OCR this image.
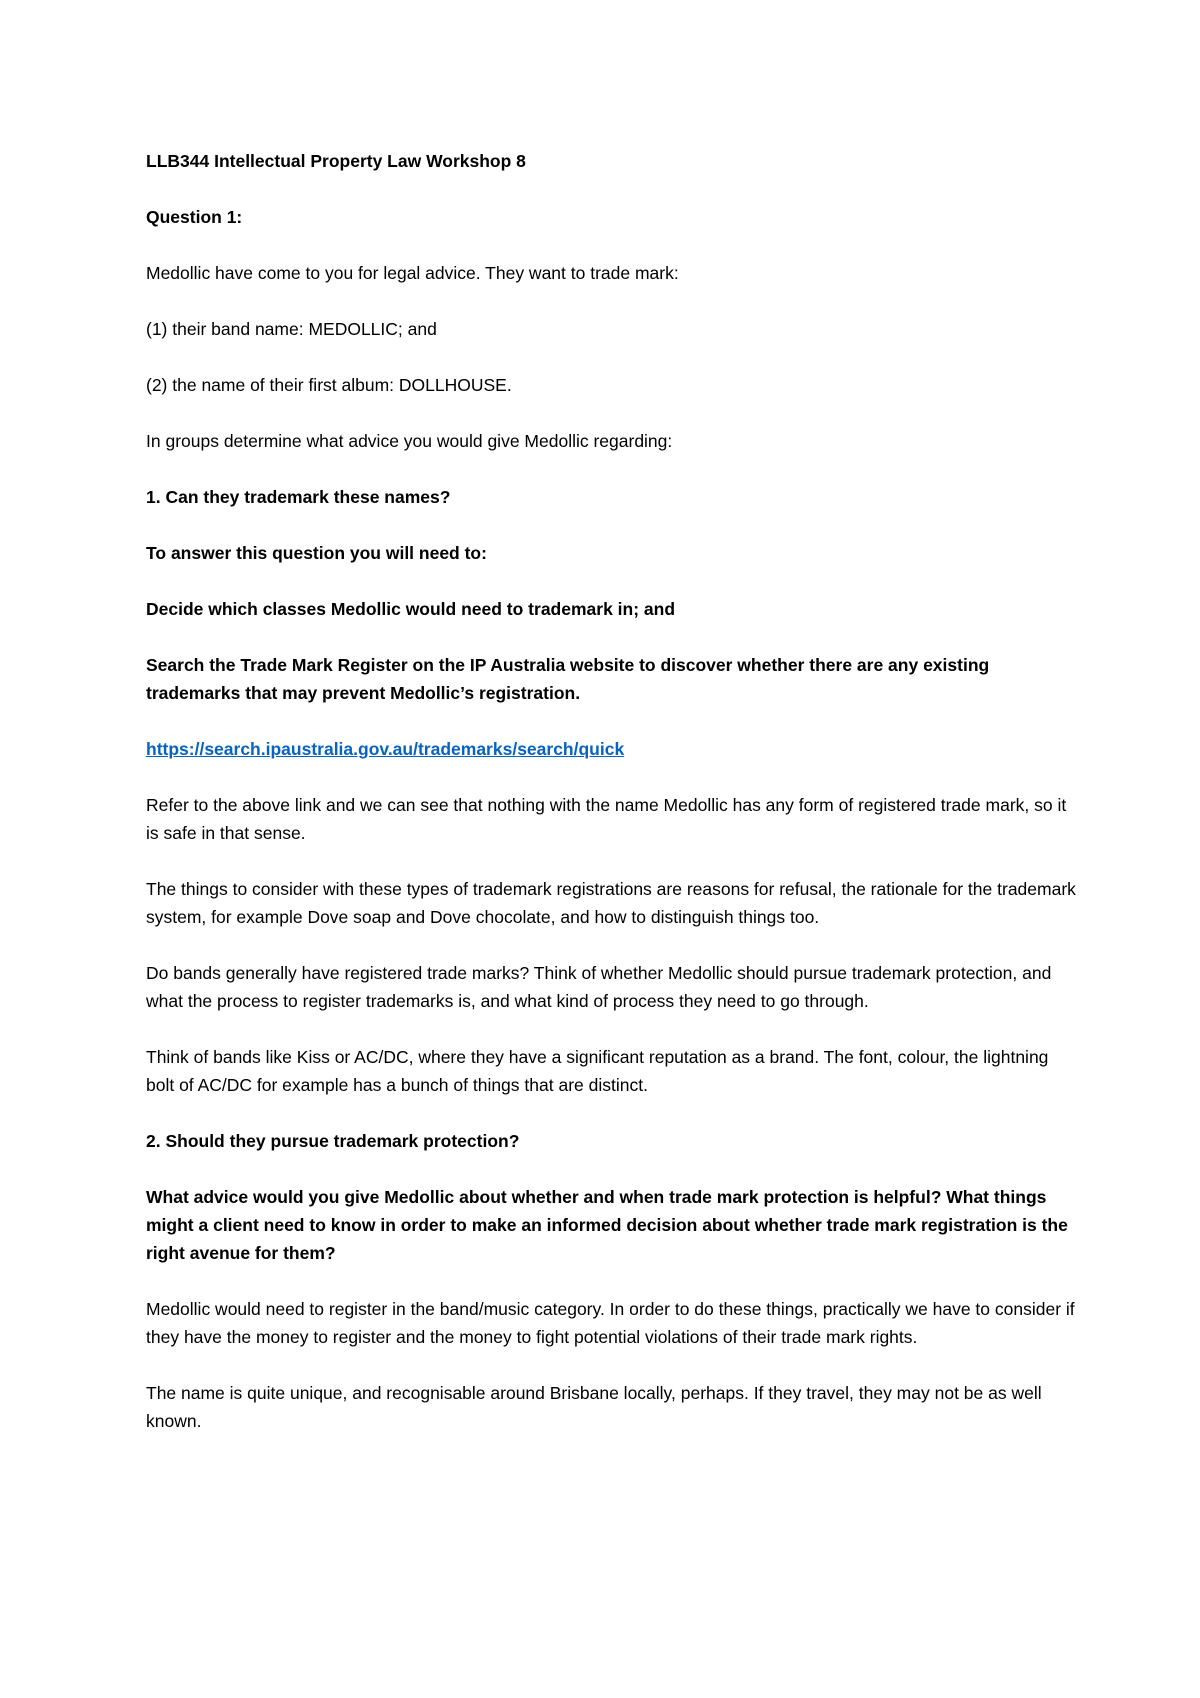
LLB344 Intellectual Property Law Workshop 8

Question 1:

Medollic have come to you for legal advice. They want to trade mark:

(1) their band name: MEDOLLIC; and

(2) the name of their first album: DOLLHOUSE.

In groups determine what advice you would give Medollic regarding:

1. Can they trademark these names?

To answer this question you will need to:

Decide which classes Medollic would need to trademark in; and

Search the Trade Mark Register on the IP Australia website to discover whether there are any existing trademarks that may prevent Medollic’s registration.

https://search.ipaustralia.gov.au/trademarks/search/quick

Refer to the above link and we can see that nothing with the name Medollic has any form of registered trade mark, so it is safe in that sense.

The things to consider with these types of trademark registrations are reasons for refusal, the rationale for the trademark system, for example Dove soap and Dove chocolate, and how to distinguish things too.

Do bands generally have registered trade marks? Think of whether Medollic should pursue trademark protection, and what the process to register trademarks is, and what kind of process they need to go through.

Think of bands like Kiss or AC/DC, where they have a significant reputation as a brand. The font, colour, the lightning bolt of AC/DC for example has a bunch of things that are distinct.

2. Should they pursue trademark protection?

What advice would you give Medollic about whether and when trade mark protection is helpful? What things might a client need to know in order to make an informed decision about whether trade mark registration is the right avenue for them?

Medollic would need to register in the band/music category. In order to do these things, practically we have to consider if they have the money to register and the money to fight potential violations of their trade mark rights.

The name is quite unique, and recognisable around Brisbane locally, perhaps. If they travel, they may not be as well known.
